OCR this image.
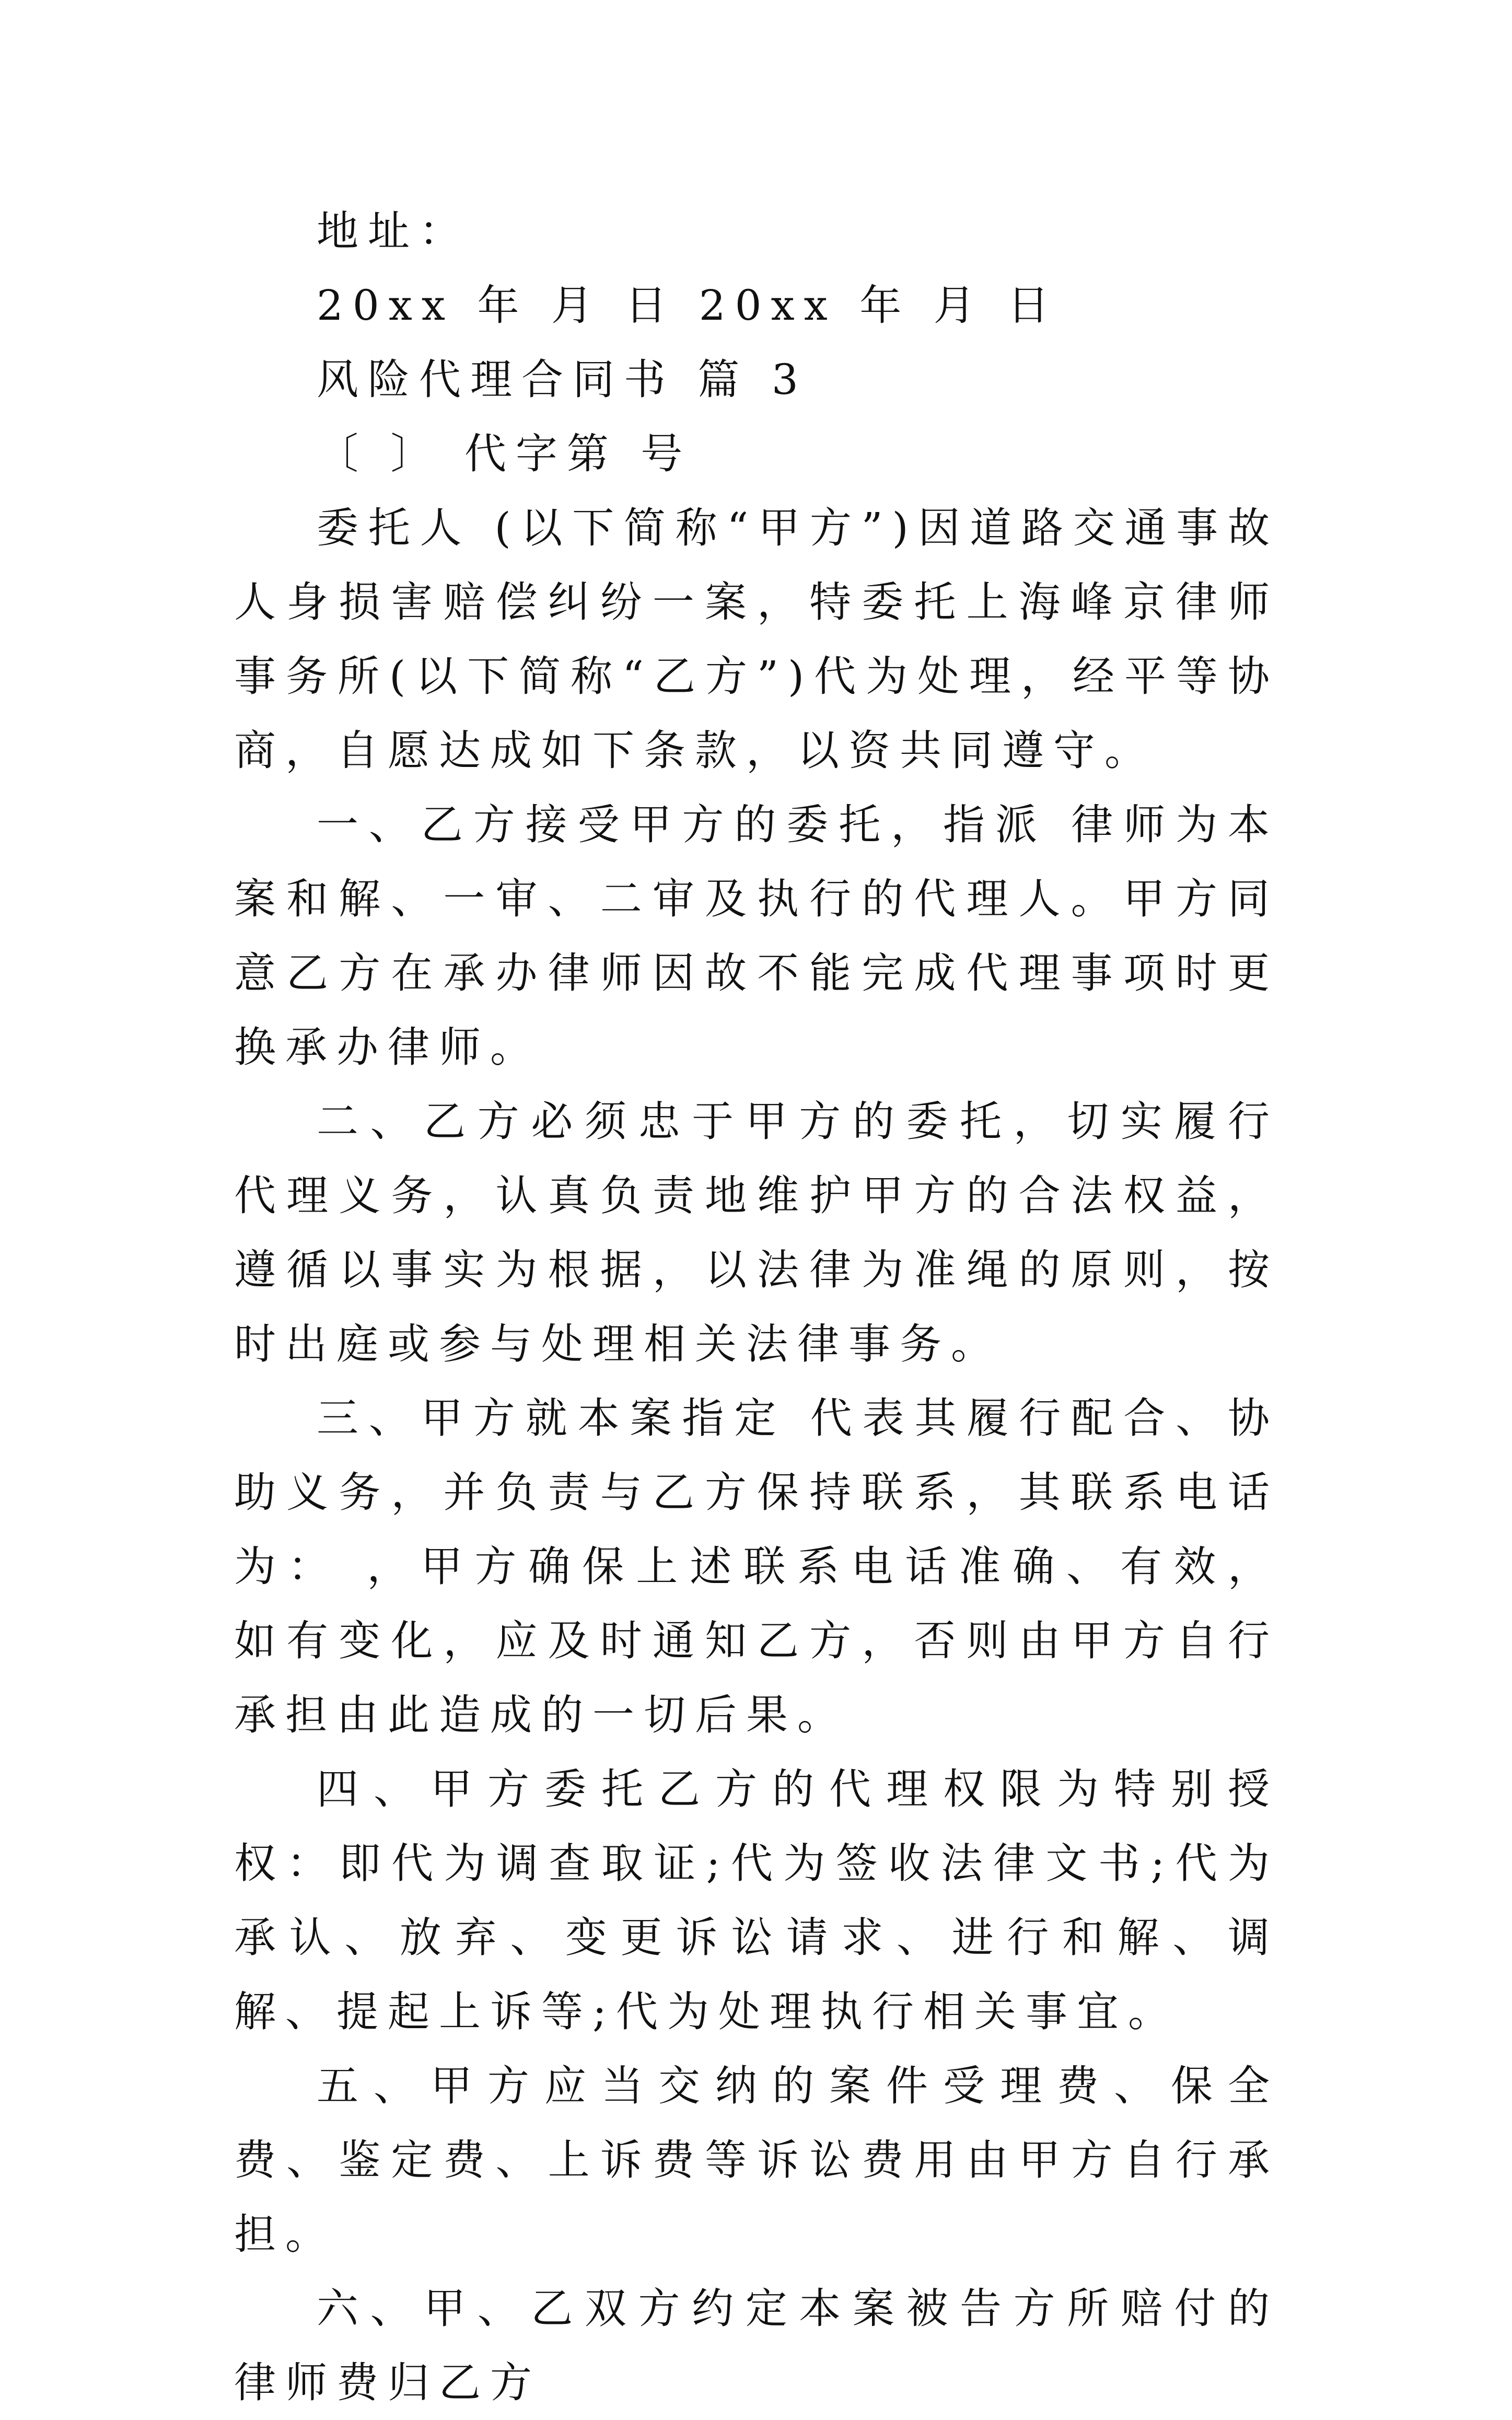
地址：
20xx 年 月 日 20xx 年 月 日
风险代理合同书 篇 3
〔 〕 代字第 号

委托人 (以下简称“甲方”)因道路交通事故人身损害赔偿纠纷一案，特委托上海峰京律师事务所(以下简称“乙方”)代为处理，经平等协商，自愿达成如下条款，以资共同遵守。

一、乙方接受甲方的委托，指派 律师为本案和解、一审、二审及执行的代理人。甲方同意乙方在承办律师因故不能完成代理事项时更换承办律师。

二、乙方必须忠于甲方的委托，切实履行代理义务，认真负责地维护甲方的合法权益，遵循以事实为根据，以法律为准绳的原则，按时出庭或参与处理相关法律事务。

三、甲方就本案指定 代表其履行配合、协助义务，并负责与乙方保持联系，其联系电话为： ，甲方确保上述联系电话准确、有效，如有变化，应及时通知乙方，否则由甲方自行承担由此造成的一切后果。

四、甲方委托乙方的代理权限为特别授权：即代为调查取证;代为签收法律文书;代为承认、放弃、变更诉讼请求、进行和解、调解、提起上诉等;代为处理执行相关事宜。

五、甲方应当交纳的案件受理费、保全费、鉴定费、上诉费等诉讼费用由甲方自行承担。

六、甲、乙双方约定本案被告方所赔付的律师费归乙方
